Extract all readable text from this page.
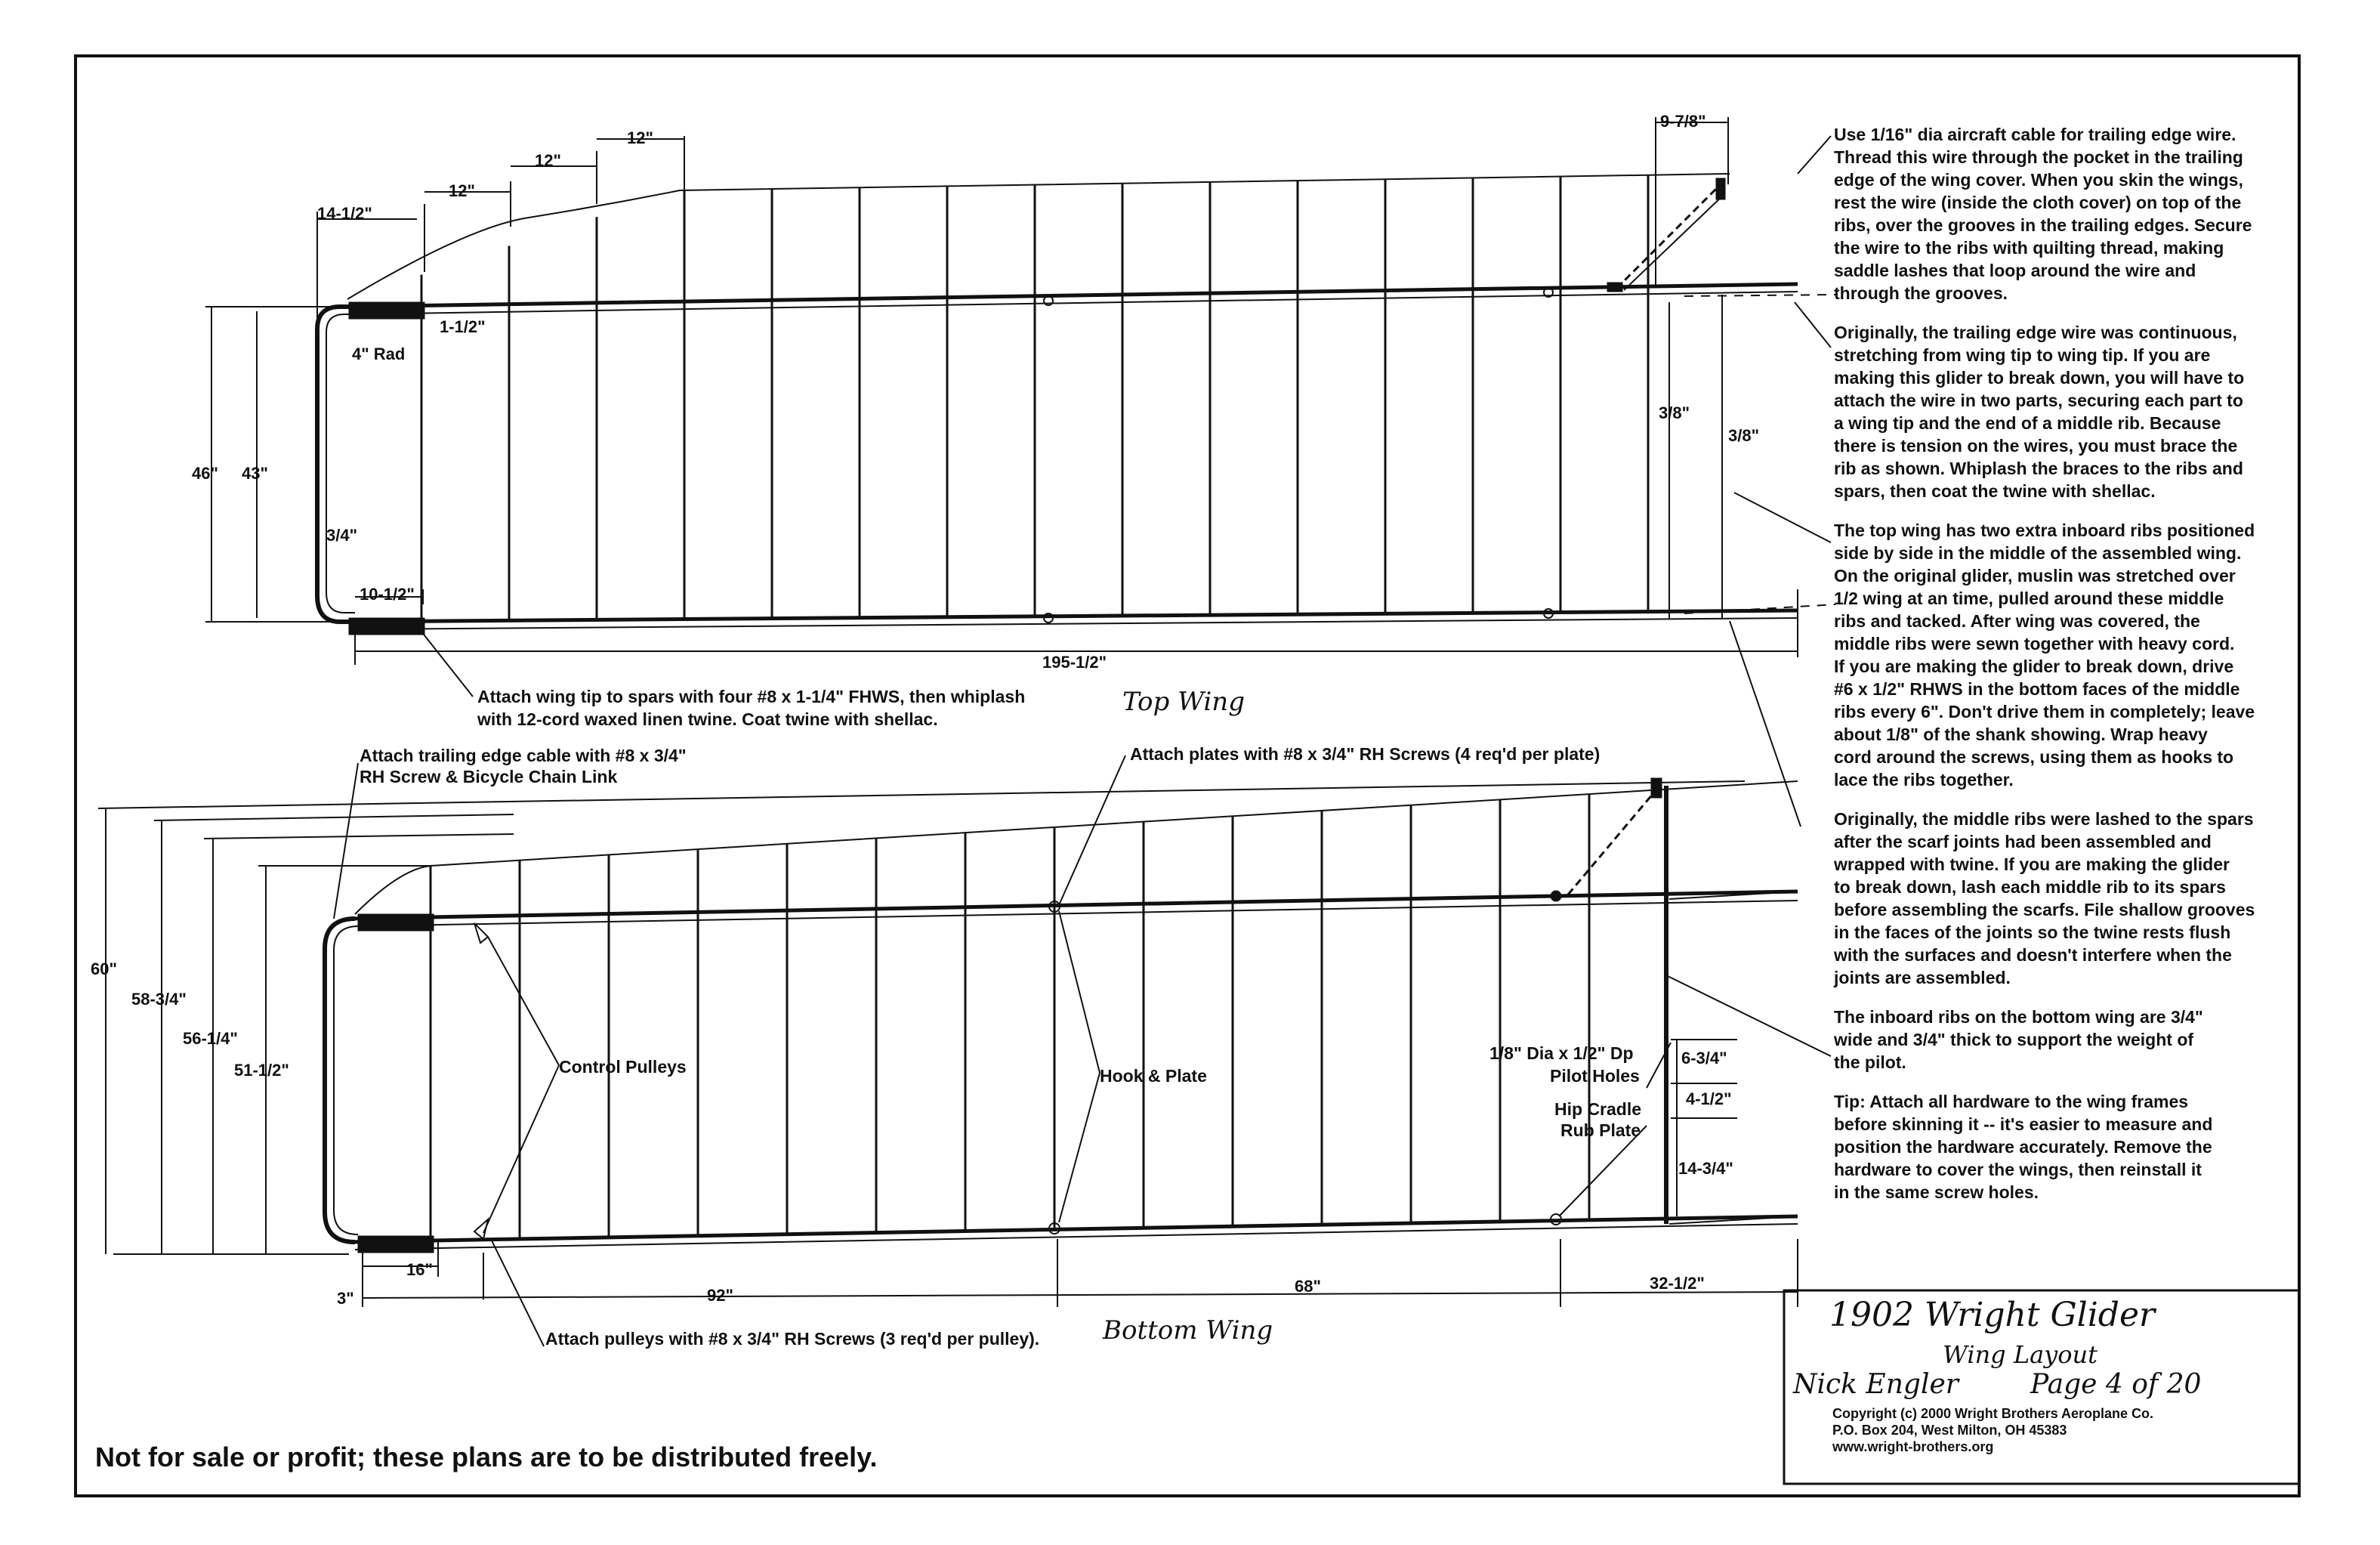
9-7/8"
12"
12"
12"
14-1/2"
1-1/2"
4" Rad
46" 43"
3/4"
10-1/2"
195-1/2"
3/8"
3/8"
Attach wing tip to spars with four #8 x 1-1/4" FHWS, then whiplash
with 12-cord waxed linen twine. Coat twine with shellac.
Top Wing
Attach trailing edge cable with #8 x 3/4"
RH Screw & Bicycle Chain Link
Attach plates with #8 x 3/4" RH Screws (4 req'd per plate)
Control Pulleys	Hook & Plate
1/8" Dia x 1/2" Dp
Pilot Holes
Hip Cradle
Rub Plate
60"
58-3/4"
56-1/4"
51-1/2"
16"
3"	92"	68"	32-1/2"
6-3/4"
4-1/2"
14-3/4"
Attach pulleys with #8 x 3/4" RH Screws (3 req'd per pulley). Bottom Wing

Use 1/16" dia aircraft cable for trailing edge wire.
Thread this wire through the pocket in the trailing
edge of the wing cover. When you skin the wings,
rest the wire (inside the cloth cover) on top of the
ribs, over the grooves in the trailing edges. Secure
the wire to the ribs with quilting thread, making
saddle lashes that loop around the wire and
through the grooves.

Originally, the trailing edge wire was continuous,
stretching from wing tip to wing tip. If you are
making this glider to break down, you will have to
attach the wire in two parts, securing each part to
a wing tip and the end of a middle rib. Because
there is tension on the wires, you must brace the
rib as shown. Whiplash the braces to the ribs and
spars, then coat the twine with shellac.

The top wing has two extra inboard ribs positioned
side by side in the middle of the assembled wing.
On the original glider, muslin was stretched over
1/2 wing at an time, pulled around these middle
ribs and tacked. After wing was covered, the
middle ribs were sewn together with heavy cord.
If you are making the glider to break down, drive
#6 x 1/2" RHWS in the bottom faces of the middle
ribs every 6". Don't drive them in completely; leave
about 1/8" of the shank showing. Wrap heavy
cord around the screws, using them as hooks to
lace the ribs together.

Originally, the middle ribs were lashed to the spars
after the scarf joints had been assembled and
wrapped with twine. If you are making the glider
to break down, lash each middle rib to its spars
before assembling the scarfs. File shallow grooves
in the faces of the joints so the twine rests flush
with the surfaces and doesn't interfere when the
joints are assembled.

The inboard ribs on the bottom wing are 3/4"
wide and 3/4" thick to support the weight of
the pilot.

Tip: Attach all hardware to the wing frames
before skinning it -- it's easier to measure and
position the hardware accurately. Remove the
hardware to cover the wings, then reinstall it
in the same screw holes.

1902 Wright Glider
Wing Layout
Nick Engler	Page 4 of 20
Copyright (c) 2000 Wright Brothers Aeroplane Co.
P.O. Box 204, West Milton, OH 45383
www.wright-brothers.org
Not for sale or profit; these plans are to be distributed freely.
